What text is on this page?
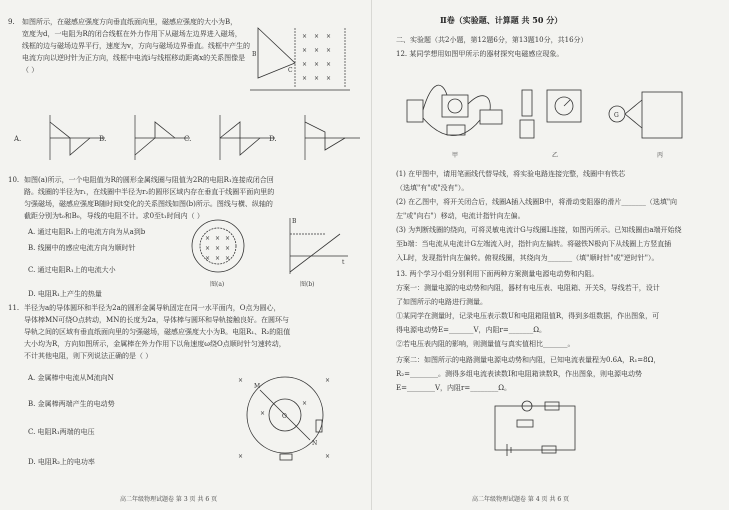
9. 如图所示，在磁感应强度方向垂直纸面向里，磁感应强度的大小为B，
宽度为d，一电阻为R的闭合线框在外力作用下从磁场左边界进入磁场，
线框的边与磁场边界平行，速度为v，方向与磁场边界垂直。线框中产生的
电流方向以逆时针为正方向，线框中电流i与线框移动距离x的关系图像是
（ ）
× × ×
× × ×
× × ×
× × ×
B
C
A.	B.	C.	D.
10. 如图(a)所示，一个电阻值为R的圆形金属线圈与阻值为2R的电阻R₁连接成闭合回
路。线圈的半径为r₁，在线圈中半径为r₂的圆形区域内存在垂直于线圈平面向里的
匀强磁场，磁感应强度B随时间t变化的关系图线如图(b)所示。图线与横、纵轴的
截距分别为t₀和B₀，导线的电阻不计。求0至t₁时间内（ ）
A. 通过电阻R₁上的电流方向为从a到b
B. 线圈中的感应电流方向为顺时针
C. 通过电阻R₁上的电流大小
D. 电阻R₁上产生的热量
× × ×
× × ×
× × ×
图(a)
B
t
图(b)
11. 半径为a的导体圆环和半径为2a的圆形金属导轨固定在同一水平面内，O点为圆心，
导体棒MN可绕O点转动，MN的长度为2a，导体棒与圆环和导轨接触良好。在圆环与
导轨之间的区域有垂直纸面向里的匀强磁场，磁感应强度大小为B。电阻R₁、R₂的阻值
大小均为R，方向如图所示，金属棒在外力作用下以角速度ω绕O点顺时针匀速转动，
不计其他电阻，则下列说法正确的是（ ）
A. 金属棒中电流从M流向N
B. 金属棒两端产生的电动势
C. 电阻R₁两端的电压
D. 电阻R₂上的电功率
×	×
×	×
×
×
O
M
N
高二年级物理试题卷 第 3 页 共 6 页
Ⅱ卷（实验题、计算题 共 50 分）
二、实验题（共2小题，第12题6分，第13题10分，共16分）
12. 某同学想用如图甲所示的器材探究电磁感应现象。
G
甲	乙	丙
(1) 在甲图中，请用笔画线代替导线，将实验电路连接完整，线圈中有铁芯
（选填"有"或"没有"）。
(2) 在乙图中，将开关闭合后，线圈A插入线圈B中，将滑动变阻器的滑片_______（选填"向
左"或"向右"）移动，电流计指针向左偏。
(3) 为判断线圈的绕向，可将灵敏电流计G与线圈L连接，如图丙所示。已知线圈由a端开始绕
至b端：当电流从电流计G左端流入时，指针向左偏转。将磁铁N极向下从线圈上方竖直插
入L时，发现指针向左偏转。俯视线圈，其绕向为_______（填"顺时针"或"逆时针"）。
13. 两个学习小组分别利用下面两种方案测量电源电动势和内阻。
方案一：测量电源的电动势和内阻，器材有电压表、电阻箱、开关S，导线若干，设计
了如图所示的电路进行测量。
①某同学在测量时，记录电压表示数U和电阻箱阻值R，得到多组数据，作出图象，可
得电源电动势E=_______V，内阻r=_______Ω。
②若电压表内阻的影响，则测量值与真实值相比_______。
方案二：如图所示的电路测量电源电动势和内阻，已知电流表量程为0.6A，R₁=8Ω，
R₂=________。测得多组电流表读数I和电阻箱读数R，作出图象，则电源电动势
E=________V，内阻r=________Ω。
高二年级物理试题卷 第 4 页 共 6 页
